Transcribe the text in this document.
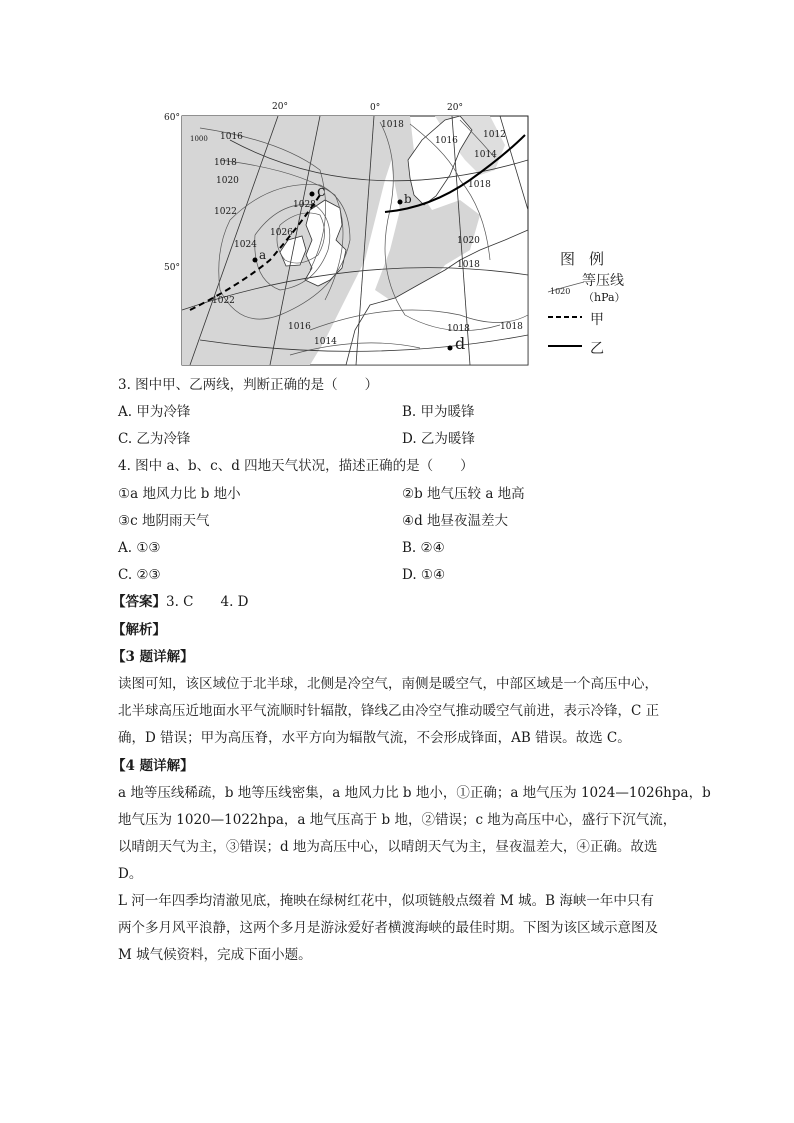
20°	0°	20°
60°
50°
1016
1018
1020
1022
1024
1026
1028
1018
1016
1012
1014
1018
1020
1018
1022
1016
1014
1018	1018
1000
a
b
c
d
图例
1020
等压线
（hPa）
甲
乙
3. 图中甲、乙两线，判断正确的是（　　）
A. 甲为冷锋	B. 甲为暖锋
C. 乙为冷锋	D. 乙为暖锋
4. 图中 a、b、c、d 四地天气状况，描述正确的是（　　）
①a 地风力比 b 地小	②b 地气压较 a 地高
③c 地阴雨天气	④d 地昼夜温差大
A. ①③	B. ②④
C. ②③	D. ①④
【答案】3. C　　4. D
【解析】
【3 题详解】
读图可知，该区域位于北半球，北侧是冷空气，南侧是暖空气，中部区域是一个高压中心，
北半球高压近地面水平气流顺时针辐散，锋线乙由冷空气推动暖空气前进，表示冷锋，C 正
确，D 错误；甲为高压脊，水平方向为辐散气流，不会形成锋面，AB 错误。故选 C。
【4 题详解】
a 地等压线稀疏，b 地等压线密集，a 地风力比 b 地小，①正确；a 地气压为 1024—1026hpa，b
地气压为 1020—1022hpa，a 地气压高于 b 地，②错误；c 地为高压中心，盛行下沉气流，
以晴朗天气为主，③错误；d 地为高压中心，以晴朗天气为主，昼夜温差大，④正确。故选
D。
L 河一年四季均清澈见底，掩映在绿树红花中，似项链般点缀着 M 城。B 海峡一年中只有
两个多月风平浪静，这两个多月是游泳爱好者横渡海峡的最佳时期。下图为该区域示意图及
M 城气候资料，完成下面小题。
